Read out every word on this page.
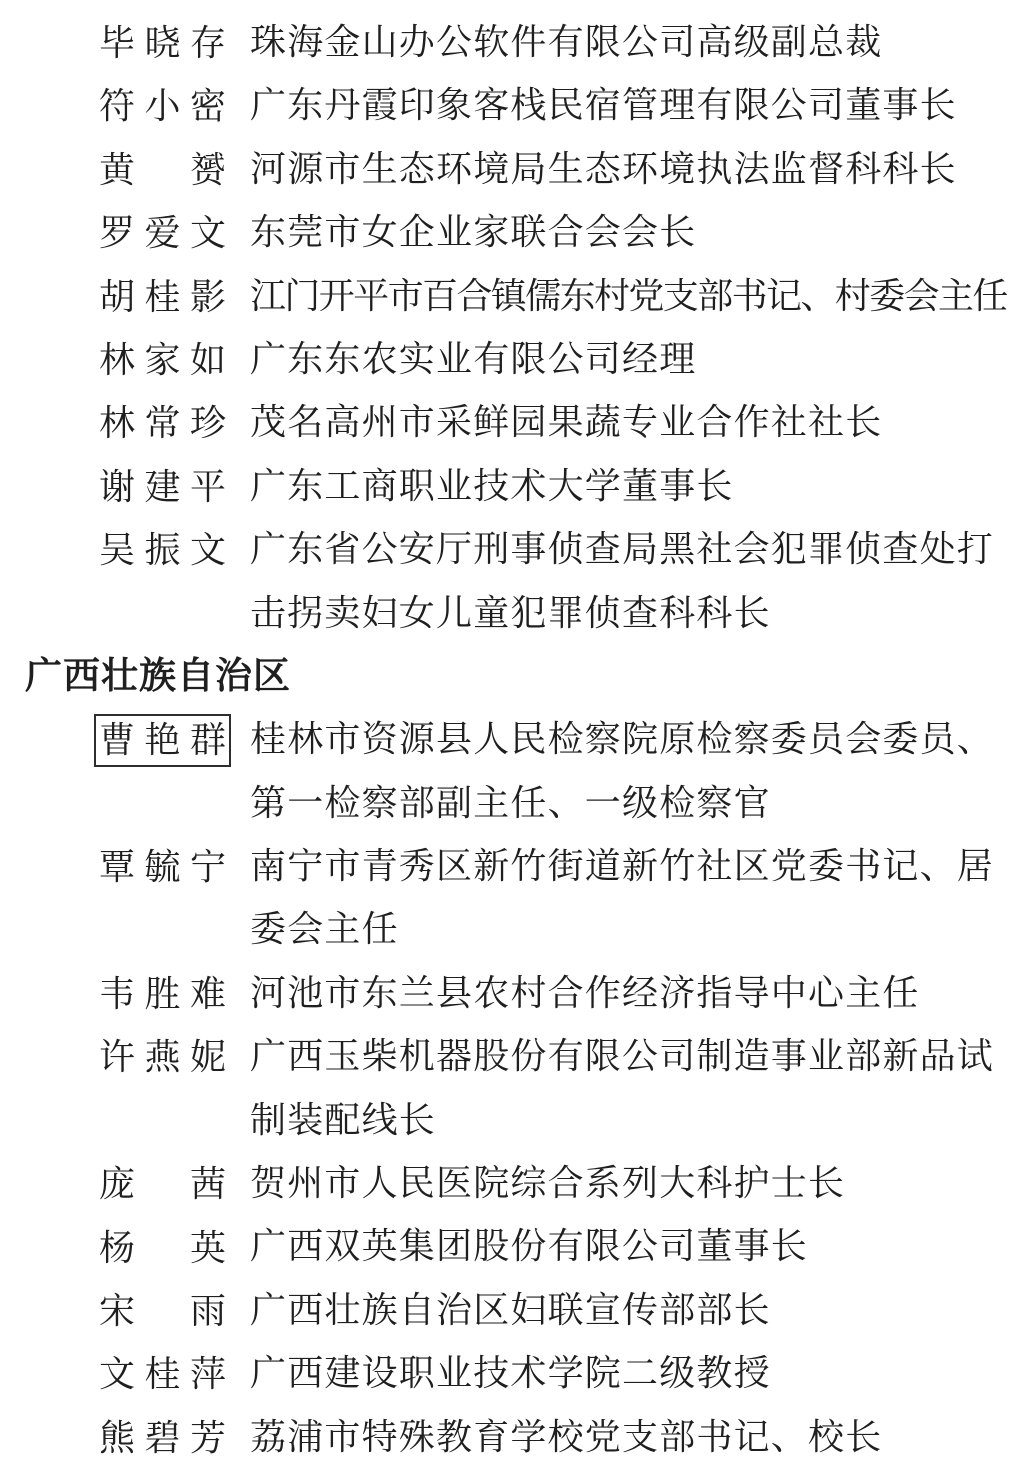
毕晓存 珠海金山办公软件有限公司高级副总裁
符小密 广东丹霞印象客栈民宿管理有限公司董事长
黄赟 河源市生态环境局生态环境执法监督科科长
罗爱文 东莞市女企业家联合会会长
胡桂影 江门开平市百合镇儒东村党支部书记、村委会主任
林家如 广东东农实业有限公司经理
林常珍 茂名高州市采鲜园果蔬专业合作社社长
谢建平 广东工商职业技术大学董事长
吴振文 广东省公安厅刑事侦查局黑社会犯罪侦查处打
击拐卖妇女儿童犯罪侦查科科长
广西壮族自治区
曹艳群 桂林市资源县人民检察院原检察委员会委员、
第一检察部副主任、一级检察官
覃毓宁 南宁市青秀区新竹街道新竹社区党委书记、居
委会主任
韦胜难 河池市东兰县农村合作经济指导中心主任
许燕妮 广西玉柴机器股份有限公司制造事业部新品试
制装配线长
庞茜 贺州市人民医院综合系列大科护士长
杨英 广西双英集团股份有限公司董事长
宋雨 广西壮族自治区妇联宣传部部长
文桂萍 广西建设职业技术学院二级教授
熊碧芳 荔浦市特殊教育学校党支部书记、校长
